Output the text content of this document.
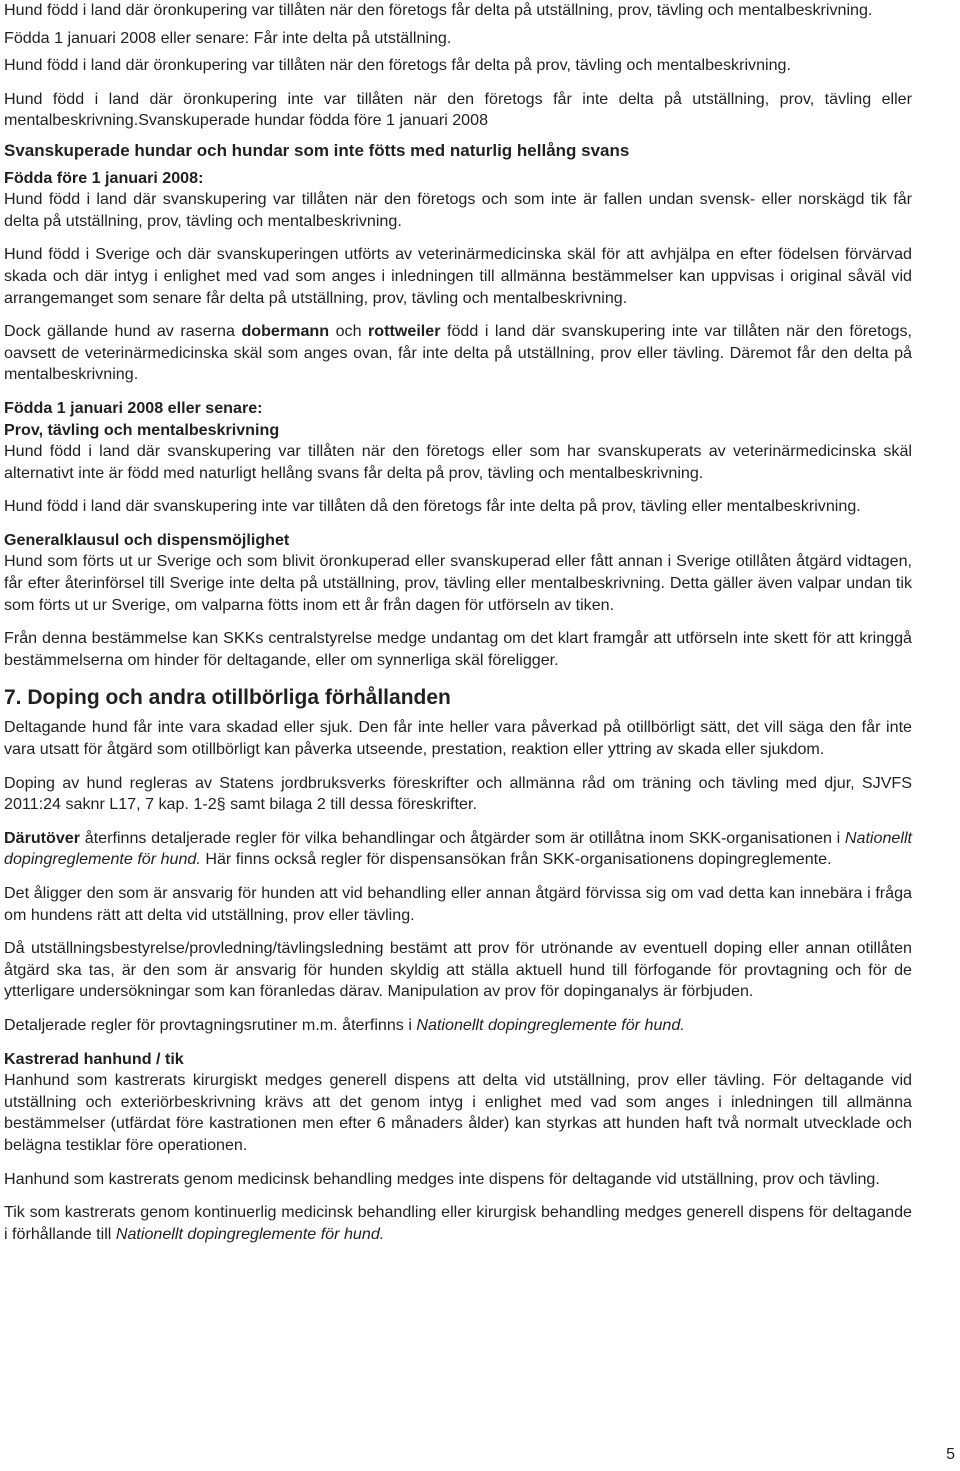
Hund född i land där öronkupering var tillåten när den företogs får delta på utställning, prov, tävling och mentalbeskrivning.

Födda 1 januari 2008 eller senare: Får inte delta på utställning.

Hund född i land där öronkupering var tillåten när den företogs får delta på prov, tävling och mentalbeskrivning.

Hund född i land där öronkupering inte var tillåten när den företogs får inte delta på utställning, prov, tävling eller mentalbeskrivning.Svanskuperade hundar födda före 1 januari 2008

Svanskuperade hundar och hundar som inte fötts med naturlig hellång svans

Födda före 1 januari 2008:

Hund född i land där svanskupering var tillåten när den företogs och som inte är fallen undan svensk- eller norskägd tik får delta på utställning, prov, tävling och mentalbeskrivning.

Hund född i Sverige och där svanskuperingen utförts av veterinärmedicinska skäl för att avhjälpa en efter födelsen förvärvad skada och där intyg i enlighet med vad som anges i inledningen till allmänna bestämmelser kan uppvisas i original såväl vid arrangemanget som senare får delta på utställning, prov, tävling och mentalbeskrivning.

Dock gällande hund av raserna dobermann och rottweiler född i land där svanskupering inte var tillåten när den företogs, oavsett de veterinärmedicinska skäl som anges ovan, får inte delta på utställning, prov eller tävling. Däremot får den delta på mentalbeskrivning.

Födda 1 januari 2008 eller senare:

Prov, tävling och mentalbeskrivning

Hund född i land där svanskupering var tillåten när den företogs eller som har svanskuperats av veterinärmedicinska skäl alternativt inte är född med naturligt hellång svans får delta på prov, tävling och mentalbeskrivning.

Hund född i land där svanskupering inte var tillåten då den företogs får inte delta på prov, tävling eller mentalbeskrivning.

Generalklausul och dispensmöjlighet

Hund som förts ut ur Sverige och som blivit öronkuperad eller svanskuperad eller fått annan i Sverige otillåten åtgärd vidtagen, får efter återinförsel till Sverige inte delta på utställning, prov, tävling eller mentalbeskrivning. Detta gäller även valpar undan tik som förts ut ur Sverige, om valparna fötts inom ett år från dagen för utförseln av tiken.

Från denna bestämmelse kan SKKs centralstyrelse medge undantag om det klart framgår att utförseln inte skett för att kringgå bestämmelserna om hinder för deltagande, eller om synnerliga skäl föreligger.

7. Doping och andra otillbörliga förhållanden

Deltagande hund får inte vara skadad eller sjuk. Den får inte heller vara påverkad på otillbörligt sätt, det vill säga den får inte vara utsatt för åtgärd som otillbörligt kan påverka utseende, prestation, reaktion eller yttring av skada eller sjukdom.

Doping av hund regleras av Statens jordbruksverks föreskrifter och allmänna råd om träning och tävling med djur, SJVFS 2011:24 saknr L17, 7 kap. 1-2§ samt bilaga 2 till dessa föreskrifter.

Därutöver återfinns detaljerade regler för vilka behandlingar och åtgärder som är otillåtna inom SKK-organisationen i Nationellt dopingreglemente för hund. Här finns också regler för dispensansökan från SKK-organisationens dopingreglemente.

Det åligger den som är ansvarig för hunden att vid behandling eller annan åtgärd förvissa sig om vad detta kan innebära i fråga om hundens rätt att delta vid utställning, prov eller tävling.

Då utställningsbestyrelse/provledning/tävlingsledning bestämt att prov för utrönande av eventuell doping eller annan otillåten åtgärd ska tas, är den som är ansvarig för hunden skyldig att ställa aktuell hund till förfogande för provtagning och för de ytterligare undersökningar som kan föranledas därav. Manipulation av prov för dopinganalys är förbjuden.

Detaljerade regler för provtagningsrutiner m.m. återfinns i Nationellt dopingreglemente för hund.

Kastrerad hanhund / tik

Hanhund som kastrerats kirurgiskt medges generell dispens att delta vid utställning, prov eller tävling. För deltagande vid utställning och exteriörbeskrivning krävs att det genom intyg i enlighet med vad som anges i inledningen till allmänna bestämmelser (utfärdat före kastrationen men efter 6 månaders ålder) kan styrkas att hunden haft två normalt utvecklade och belägna testiklar före operationen.

Hanhund som kastrerats genom medicinsk behandling medges inte dispens för deltagande vid utställning, prov och tävling.

Tik som kastrerats genom kontinuerlig medicinsk behandling eller kirurgisk behandling medges generell dispens för deltagande i förhållande till Nationellt dopingreglemente för hund.

5
